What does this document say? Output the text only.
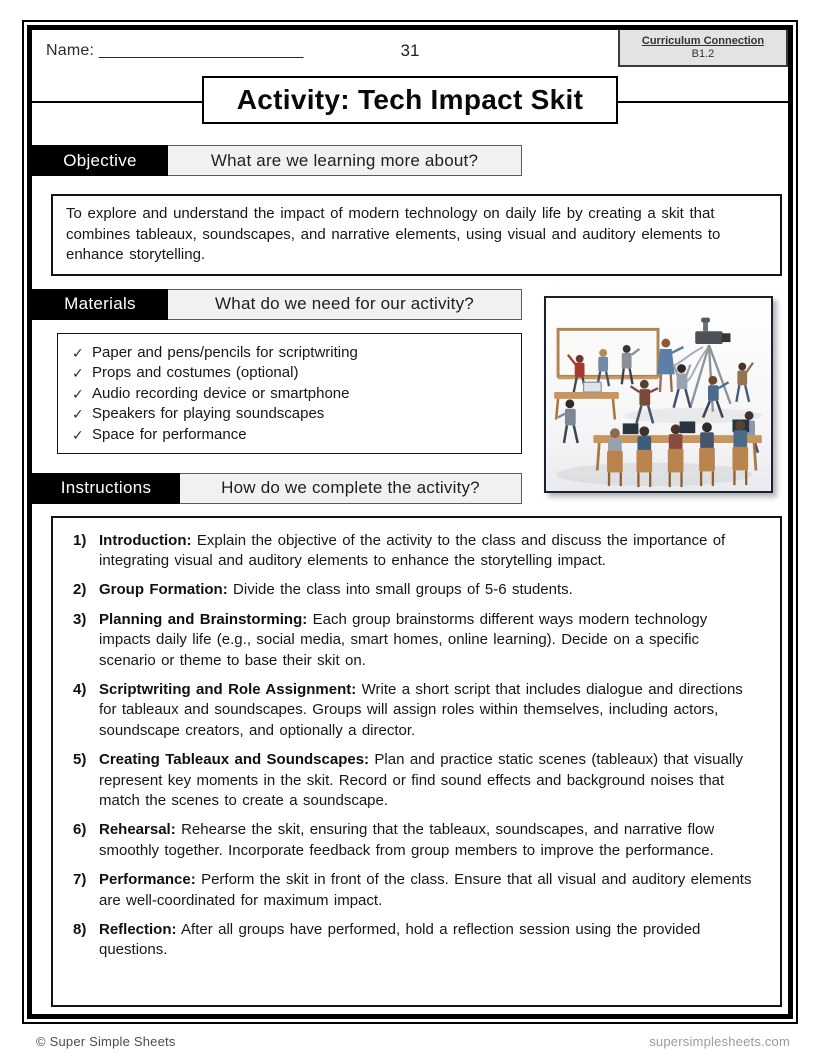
Name: _______________________	31
Curriculum Connection
B1.2
Activity: Tech Impact Skit
Objective	What are we learning more about?
To explore and understand the impact of modern technology on daily life by creating a skit that combines tableaux, soundscapes, and narrative elements, using visual and auditory elements to enhance storytelling.
Materials	What do we need for our activity?
✓ Paper and pens/pencils for scriptwriting
✓ Props and costumes (optional)
✓ Audio recording device or smartphone
✓ Speakers for playing soundscapes
✓ Space for performance
Instructions	How do we complete the activity?
1) Introduction: Explain the objective of the activity to the class and discuss the importance of integrating visual and auditory elements to enhance the storytelling impact.
2) Group Formation: Divide the class into small groups of 5-6 students.
3) Planning and Brainstorming: Each group brainstorms different ways modern technology impacts daily life (e.g., social media, smart homes, online learning). Decide on a specific scenario or theme to base their skit on.
4) Scriptwriting and Role Assignment: Write a short script that includes dialogue and directions for tableaux and soundscapes. Groups will assign roles within themselves, including actors, soundscape creators, and optionally a director.
5) Creating Tableaux and Soundscapes: Plan and practice static scenes (tableaux) that visually represent key moments in the skit. Record or find sound effects and background noises that match the scenes to create a soundscape.
6) Rehearsal: Rehearse the skit, ensuring that the tableaux, soundscapes, and narrative flow smoothly together. Incorporate feedback from group members to improve the performance.
7) Performance: Perform the skit in front of the class. Ensure that all visual and auditory elements are well-coordinated for maximum impact.
8) Reflection: After all groups have performed, hold a reflection session using the provided questions.
© Super Simple Sheets	supersimplesheets.com
